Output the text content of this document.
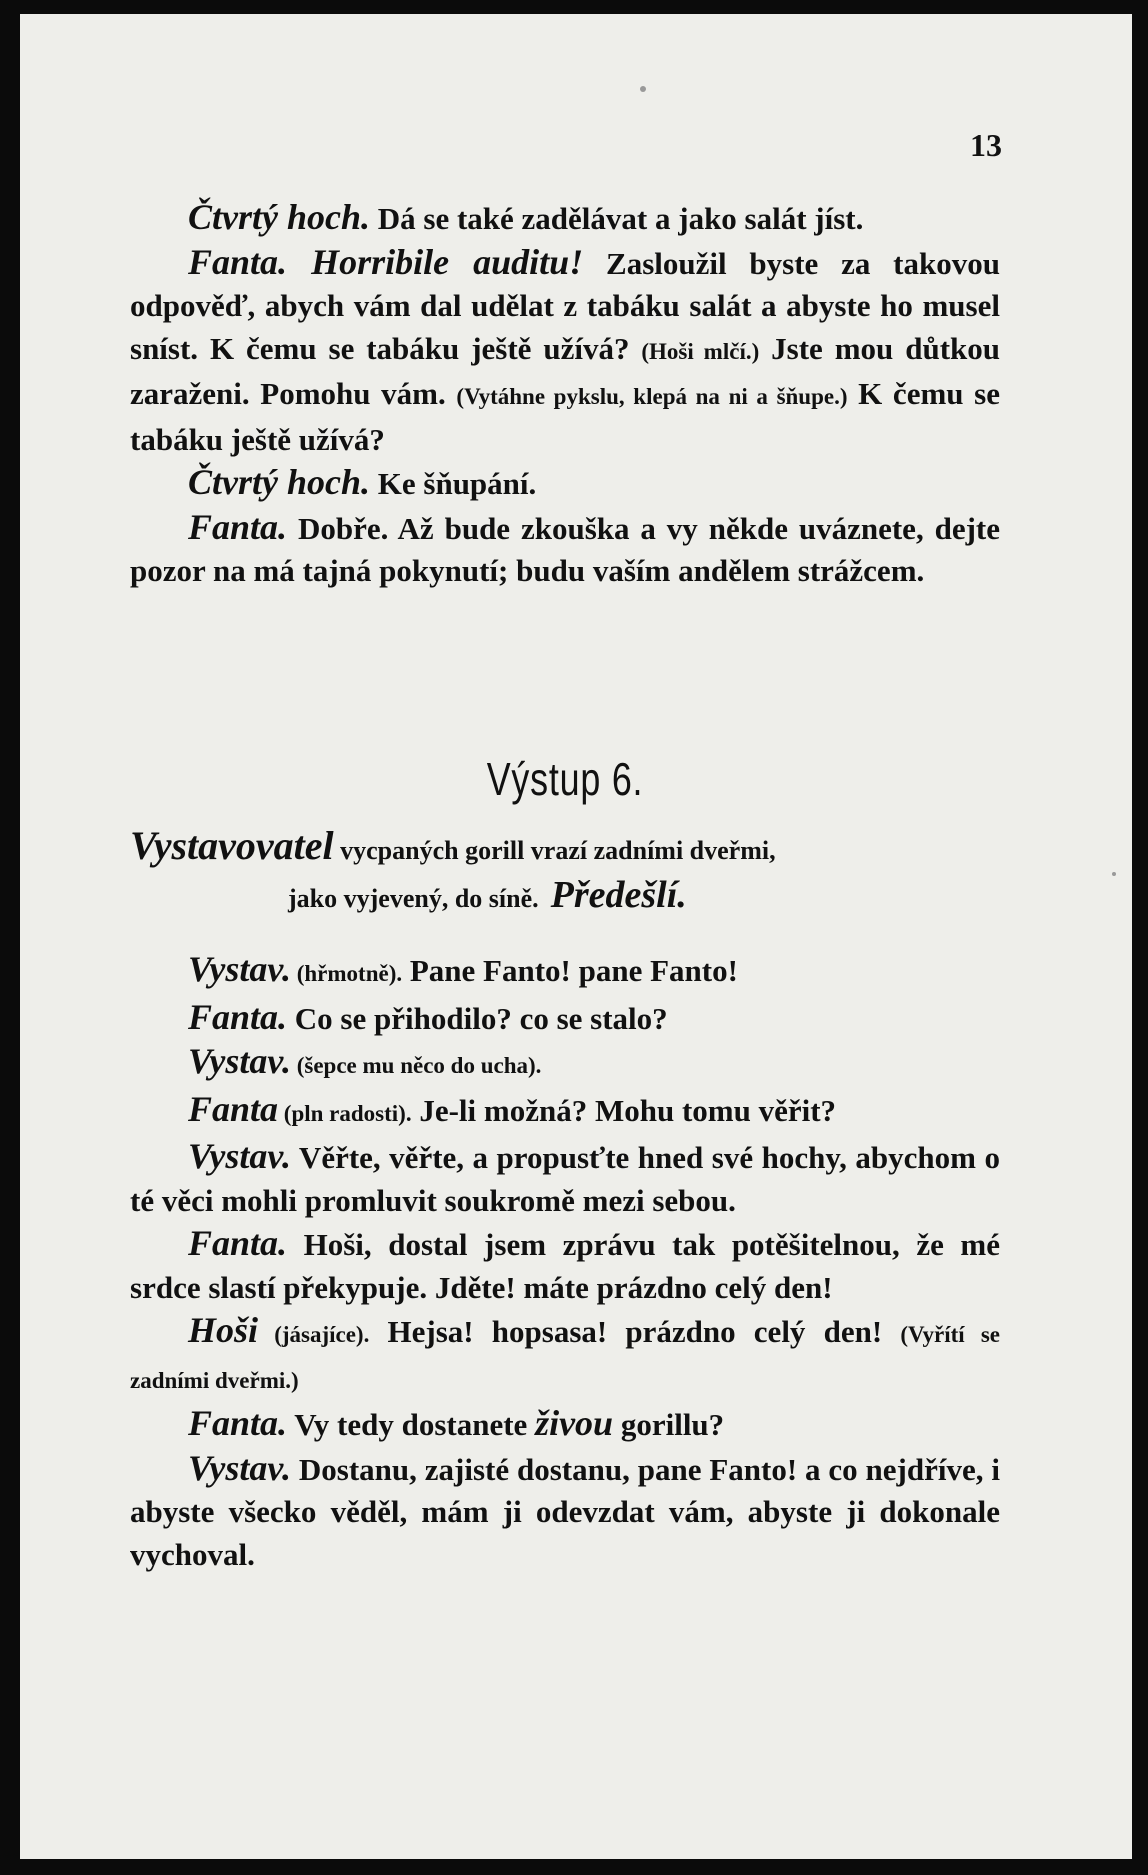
13
Čtvrtý hoch. Dá se také zadělávat a jako salát jíst.
Fanta. Horribile auditu! Zasloužil byste za takovou odpověď, abych vám dal udělat z tabáku salát a abyste ho musel sníst. K čemu se tabáku ještě užívá? (Hoši mlčí.) Jste mou důtkou zaraženi. Pomohu vám. (Vytáhne pykslu, klepá na ni a šňupe.) K čemu se tabáku ještě užívá?
Čtvrtý hoch. Ke šňupání.
Fanta. Dobře. Až bude zkouška a vy někde uváznete, dejte pozor na má tajná pokynutí; budu vaším andělem strážcem.
Výstup 6.
Vystavovatel vycpaných gorill vrazí zadními dveřmi,
jako vyjevený, do síně. Předešlí.
Vystav. (hřmotně). Pane Fanto! pane Fanto!
Fanta. Co se přihodilo? co se stalo?
Vystav. (šepce mu něco do ucha).
Fanta (pln radosti). Je-li možná? Mohu tomu věřit?
Vystav. Věřte, věřte, a propusťte hned své hochy, abychom o té věci mohli promluvit soukromě mezi sebou.
Fanta. Hoši, dostal jsem zprávu tak potěšitelnou, že mé srdce slastí překypuje. Jděte! máte prázdno celý den!
Hoši (jásajíce). Hejsa! hopsasa! prázdno celý den! (Vyřítí se zadními dveřmi.)
Fanta. Vy tedy dostanete živou gorillu?
Vystav. Dostanu, zajisté dostanu, pane Fanto! a co nejdříve, i abyste všecko věděl, mám ji odevzdat vám, abyste ji dokonale vychoval.
